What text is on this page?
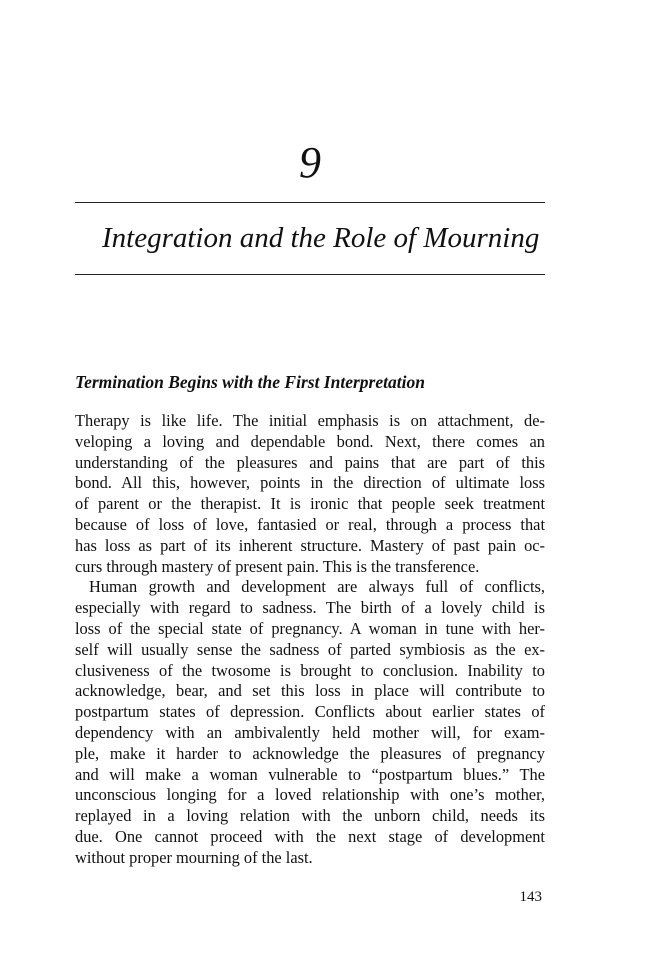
9
Integration and the Role of Mourning
Termination Begins with the First Interpretation
Therapy is like life. The initial emphasis is on attachment, de-
veloping a loving and dependable bond. Next, there comes an
understanding of the pleasures and pains that are part of this
bond. All this, however, points in the direction of ultimate loss
of parent or the therapist. It is ironic that people seek treatment
because of loss of love, fantasied or real, through a process that
has loss as part of its inherent structure. Mastery of past pain oc-
curs through mastery of present pain. This is the transference.
Human growth and development are always full of conflicts,
especially with regard to sadness. The birth of a lovely child is
loss of the special state of pregnancy. A woman in tune with her-
self will usually sense the sadness of parted symbiosis as the ex-
clusiveness of the twosome is brought to conclusion. Inability to
acknowledge, bear, and set this loss in place will contribute to
postpartum states of depression. Conflicts about earlier states of
dependency with an ambivalently held mother will, for exam-
ple, make it harder to acknowledge the pleasures of pregnancy
and will make a woman vulnerable to “postpartum blues.” The
unconscious longing for a loved relationship with one’s mother,
replayed in a loving relation with the unborn child, needs its
due. One cannot proceed with the next stage of development
without proper mourning of the last.
143
